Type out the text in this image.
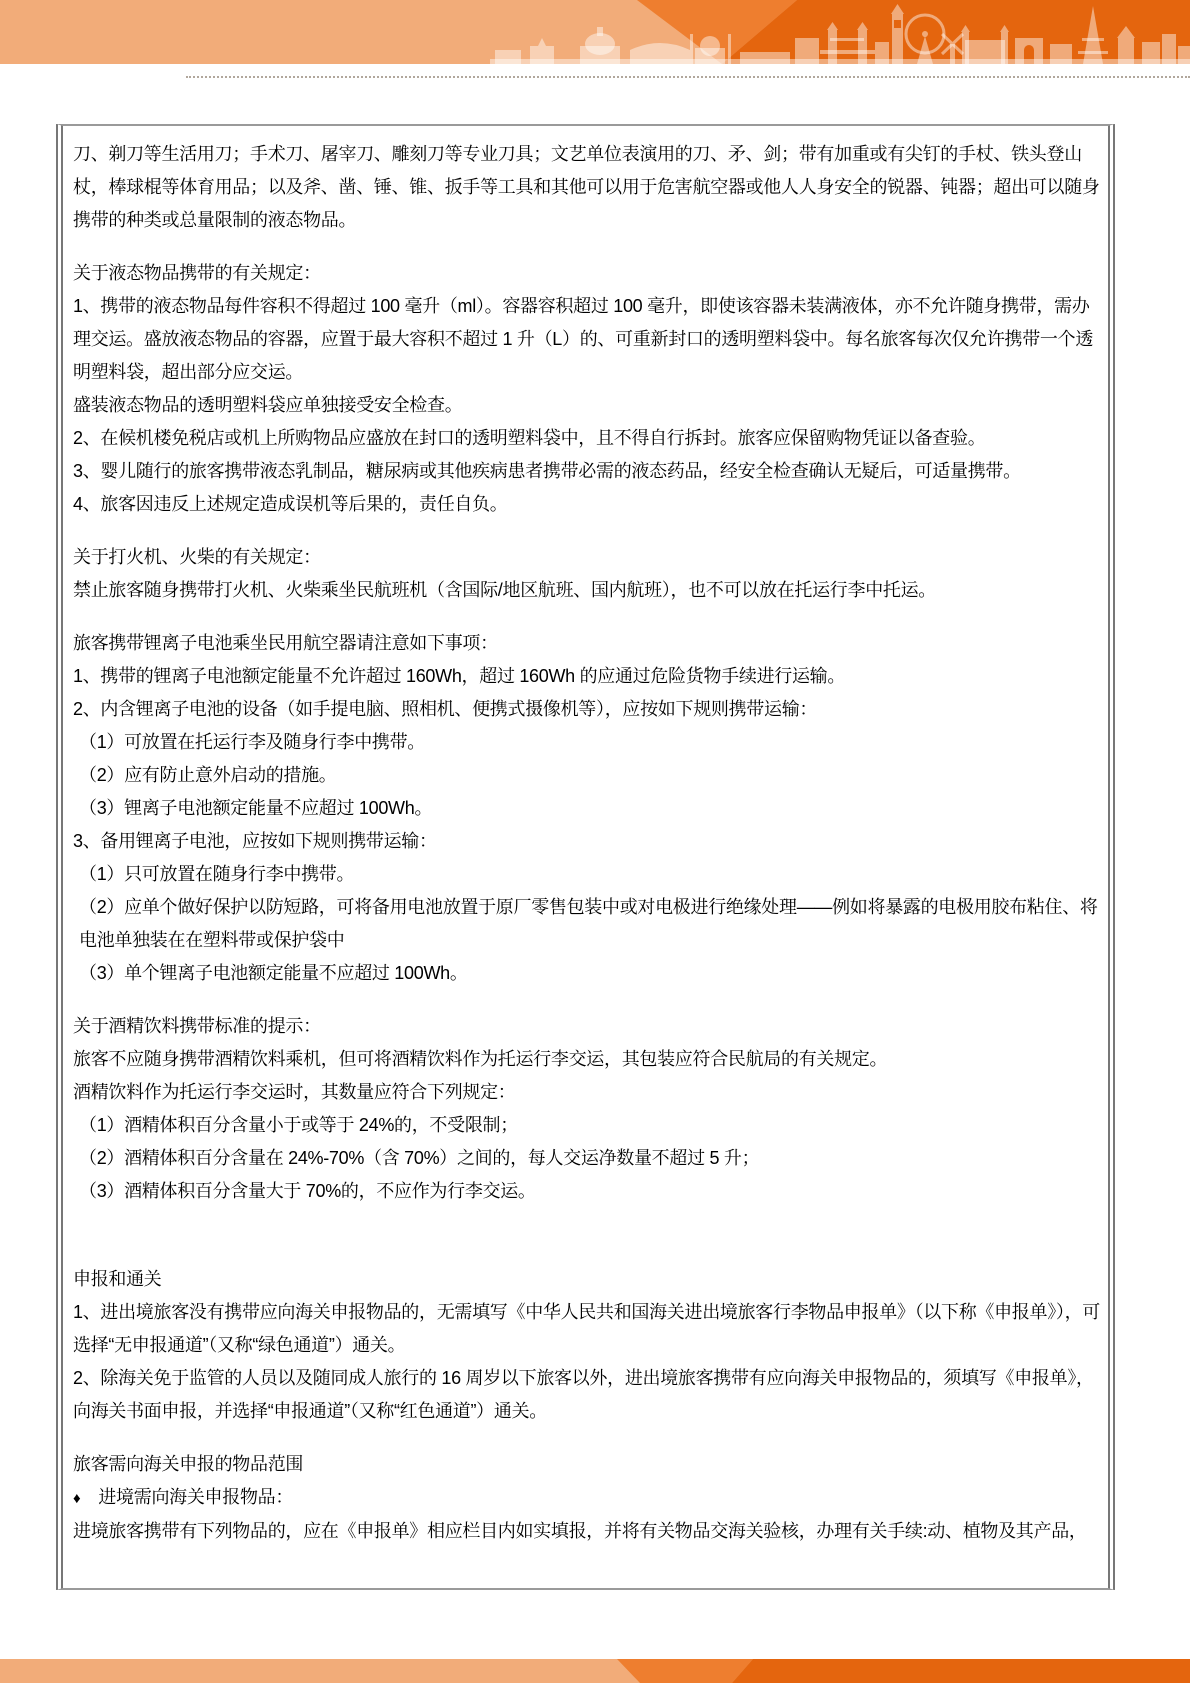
刀、剃刀等生活用刀；手术刀、屠宰刀、雕刻刀等专业刀具；文艺单位表演用的刀、矛、剑；带有加重或有尖钉的手杖、铁头登山杖，棒球棍等体育用品；以及斧、凿、锤、锥、扳手等工具和其他可以用于危害航空器或他人人身安全的锐器、钝器；超出可以随身携带的种类或总量限制的液态物品。

关于液态物品携带的有关规定：

1、携带的液态物品每件容积不得超过 100 毫升（ml）。容器容积超过 100 毫升，即使该容器未装满液体，亦不允许随身携带，需办理交运。盛放液态物品的容器，应置于最大容积不超过 1 升（L）的、可重新封口的透明塑料袋中。每名旅客每次仅允许携带一个透明塑料袋，超出部分应交运。

盛装液态物品的透明塑料袋应单独接受安全检查。

2、在候机楼免税店或机上所购物品应盛放在封口的透明塑料袋中，且不得自行拆封。旅客应保留购物凭证以备查验。

3、婴儿随行的旅客携带液态乳制品，糖尿病或其他疾病患者携带必需的液态药品，经安全检查确认无疑后，可适量携带。

4、旅客因违反上述规定造成误机等后果的，责任自负。

关于打火机、火柴的有关规定：

禁止旅客随身携带打火机、火柴乘坐民航班机（含国际/地区航班、国内航班），也不可以放在托运行李中托运。

旅客携带锂离子电池乘坐民用航空器请注意如下事项：

1、携带的锂离子电池额定能量不允许超过 160Wh，超过 160Wh 的应通过危险货物手续进行运输。

2、内含锂离子电池的设备（如手提电脑、照相机、便携式摄像机等），应按如下规则携带运输：

（1）可放置在托运行李及随身行李中携带。

（2）应有防止意外启动的措施。

（3）锂离子电池额定能量不应超过 100Wh。

3、备用锂离子电池，应按如下规则携带运输：

（1）只可放置在随身行李中携带。

（2）应单个做好保护以防短路，可将备用电池放置于原厂零售包装中或对电极进行绝缘处理——例如将暴露的电极用胶布粘住、将电池单独装在在塑料带或保护袋中

（3）单个锂离子电池额定能量不应超过 100Wh。

关于酒精饮料携带标准的提示：

旅客不应随身携带酒精饮料乘机，但可将酒精饮料作为托运行李交运，其包装应符合民航局的有关规定。

酒精饮料作为托运行李交运时，其数量应符合下列规定：

（1）酒精体积百分含量小于或等于 24%的，不受限制；

（2）酒精体积百分含量在 24%-70%（含 70%）之间的，每人交运净数量不超过 5 升；

（3）酒精体积百分含量大于 70%的，不应作为行李交运。

申报和通关

1、进出境旅客没有携带应向海关申报物品的，无需填写《中华人民共和国海关进出境旅客行李物品申报单》（以下称《申报单》），可选择“无申报通道”（又称“绿色通道”）通关。

2、除海关免于监管的人员以及随同成人旅行的 16 周岁以下旅客以外，进出境旅客携带有应向海关申报物品的，须填写《申报单》，向海关书面申报，并选择“申报通道”（又称“红色通道”）通关。

旅客需向海关申报的物品范围

♦ 进境需向海关申报物品：

进境旅客携带有下列物品的，应在《申报单》相应栏目内如实填报，并将有关物品交海关验核，办理有关手续:动、植物及其产品，
